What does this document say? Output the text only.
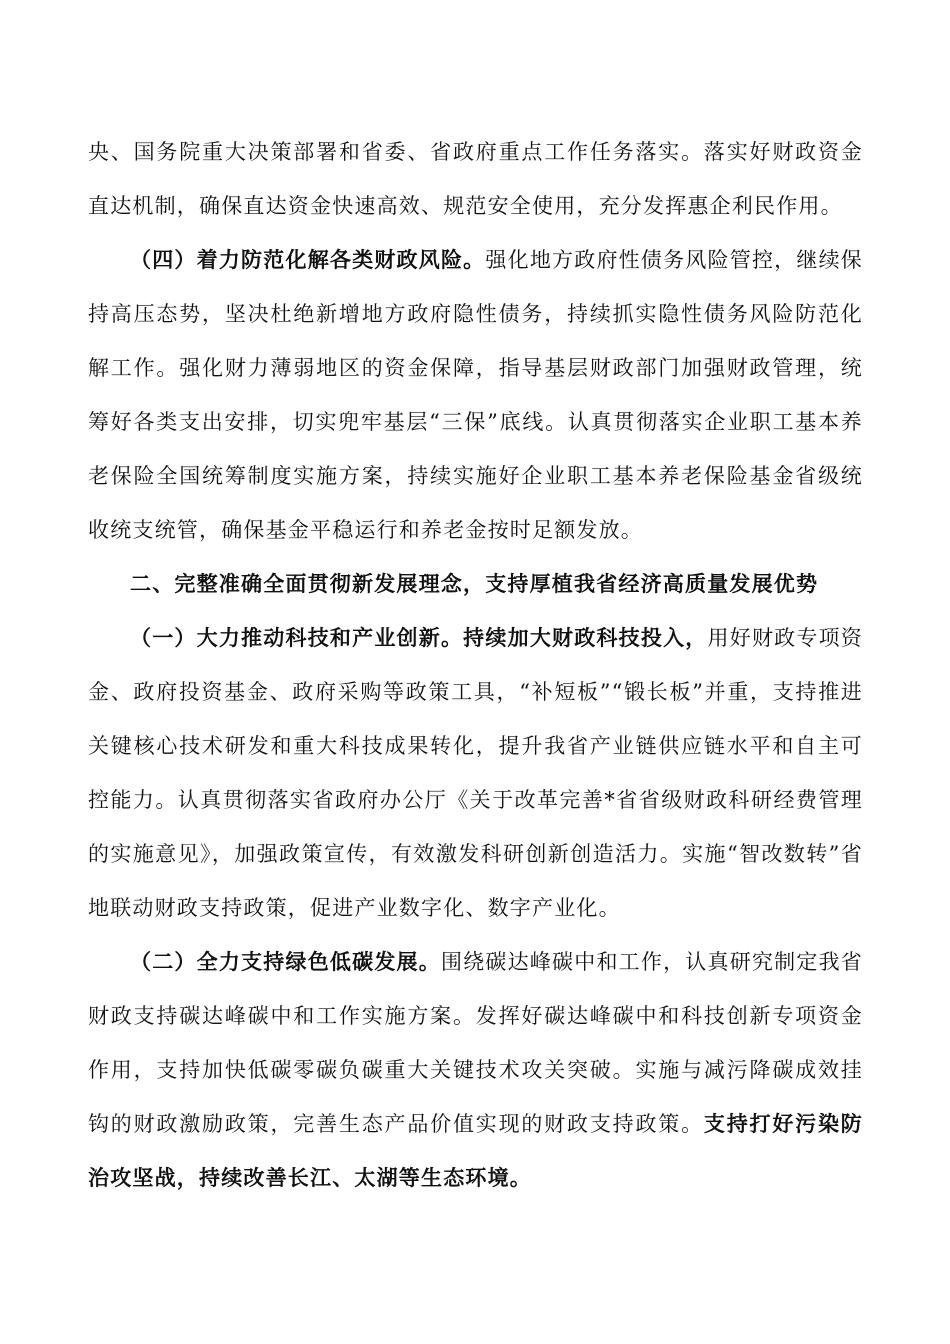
央、国务院重大决策部署和省委、省政府重点工作任务落实。落实好财政资金直达机制，确保直达资金快速高效、规范安全使用，充分发挥惠企利民作用。

（四）着力防范化解各类财政风险。强化地方政府性债务风险管控，继续保持高压态势，坚决杜绝新增地方政府隐性债务，持续抓实隐性债务风险防范化解工作。强化财力薄弱地区的资金保障，指导基层财政部门加强财政管理，统筹好各类支出安排，切实兜牢基层“三保”底线。认真贯彻落实企业职工基本养老保险全国统筹制度实施方案，持续实施好企业职工基本养老保险基金省级统收统支统管，确保基金平稳运行和养老金按时足额发放。

二、完整准确全面贯彻新发展理念，支持厚植我省经济高质量发展优势

（一）大力推动科技和产业创新。持续加大财政科技投入，用好财政专项资金、政府投资基金、政府采购等政策工具，“补短板”“锻长板”并重，支持推进关键核心技术研发和重大科技成果转化，提升我省产业链供应链水平和自主可控能力。认真贯彻落实省政府办公厅《关于改革完善*省省级财政科研经费管理的实施意见》，加强政策宣传，有效激发科研创新创造活力。实施“智改数转”省地联动财政支持政策，促进产业数字化、数字产业化。

（二）全力支持绿色低碳发展。围绕碳达峰碳中和工作，认真研究制定我省财政支持碳达峰碳中和工作实施方案。发挥好碳达峰碳中和科技创新专项资金作用，支持加快低碳零碳负碳重大关键技术攻关突破。实施与减污降碳成效挂钩的财政激励政策，完善生态产品价值实现的财政支持政策。支持打好污染防治攻坚战，持续改善长江、太湖等生态环境。
